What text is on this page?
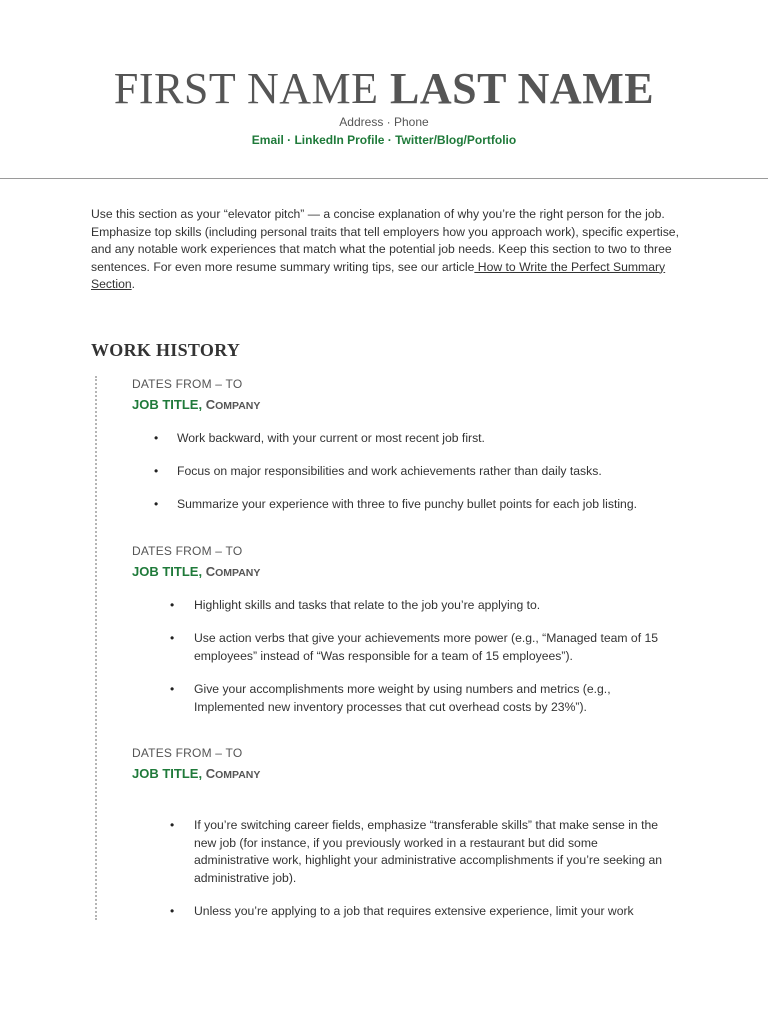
FIRST NAME LAST NAME
Address · Phone
Email · LinkedIn Profile · Twitter/Blog/Portfolio

Use this section as your “elevator pitch” — a concise explanation of why you’re the right person for the job. Emphasize top skills (including personal traits that tell employers how you approach work), specific expertise, and any notable work experiences that match what the potential job needs. Keep this section to two to three sentences. For even more resume summary writing tips, see our article How to Write the Perfect Summary Section.

WORK HISTORY
DATES FROM – TO
JOB TITLE, COMPANY
•	Work backward, with your current or most recent job first.
•	Focus on major responsibilities and work achievements rather than daily tasks.
•	Summarize your experience with three to five punchy bullet points for each job listing.
DATES FROM – TO
JOB TITLE, COMPANY
•	Highlight skills and tasks that relate to the job you’re applying to.
•	Use action verbs that give your achievements more power (e.g., “Managed team of 15 employees” instead of “Was responsible for a team of 15 employees”).
•	Give your accomplishments more weight by using numbers and metrics (e.g., Implemented new inventory processes that cut overhead costs by 23%”).
DATES FROM – TO
JOB TITLE, COMPANY
•	If you’re switching career fields, emphasize “transferable skills” that make sense in the new job (for instance, if you previously worked in a restaurant but did some administrative work, highlight your administrative accomplishments if you’re seeking an administrative job).
•	Unless you’re applying to a job that requires extensive experience, limit your work
